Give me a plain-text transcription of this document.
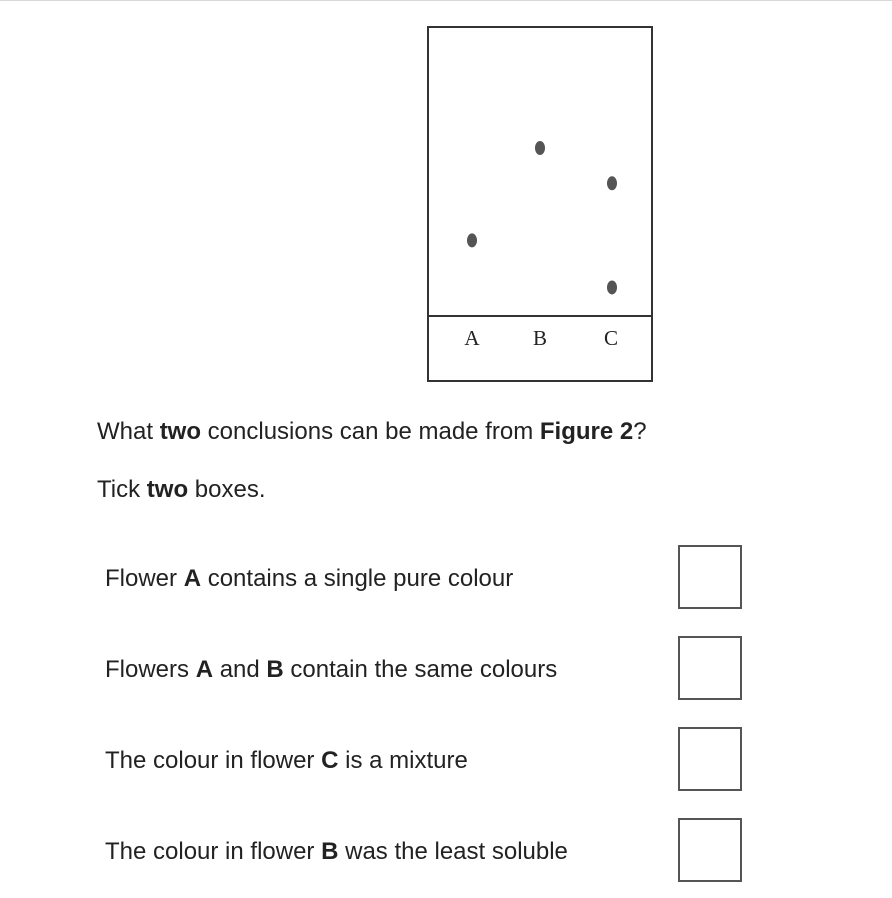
A	B	C
What two conclusions can be made from Figure 2?
Tick two boxes.
Flower A contains a single pure colour
Flowers A and B contain the same colours
The colour in flower C is a mixture
The colour in flower B was the least soluble
